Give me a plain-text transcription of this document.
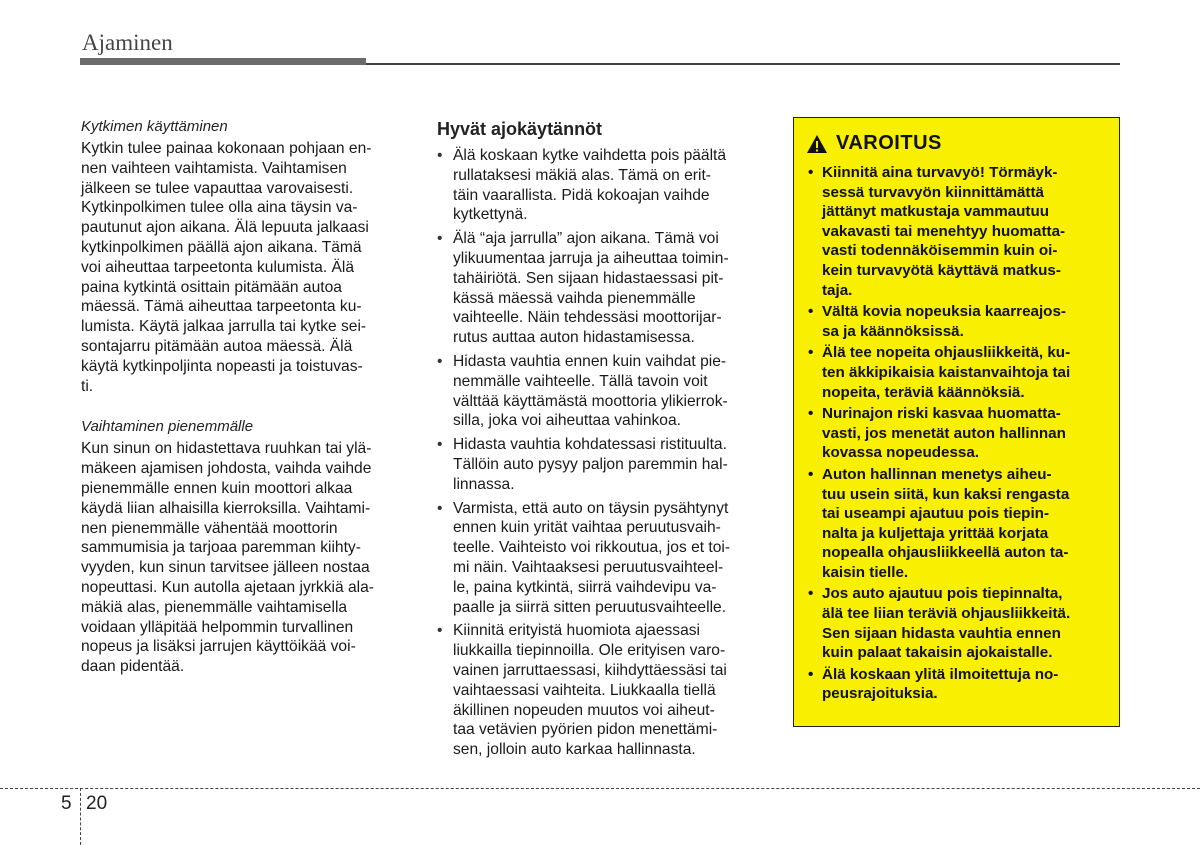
Ajaminen

Kytkimen käyttäminen

Kytkin tulee painaa kokonaan pohjaan en-
nen vaihteen vaihtamista. Vaihtamisen
jälkeen se tulee vapauttaa varovaisesti.
Kytkinpolkimen tulee olla aina täysin va-
pautunut ajon aikana. Älä lepuuta jalkaasi
kytkinpolkimen päällä ajon aikana. Tämä
voi aiheuttaa tarpeetonta kulumista. Älä
paina kytkintä osittain pitämään autoa
mäessä. Tämä aiheuttaa tarpeetonta ku-
lumista. Käytä jalkaa jarrulla tai kytke sei-
sontajarru pitämään autoa mäessä. Älä
käytä kytkinpoljinta nopeasti ja toistuvas-
ti.

Vaihtaminen pienemmälle

Kun sinun on hidastettava ruuhkan tai ylä-
mäkeen ajamisen johdosta, vaihda vaihde
pienemmälle ennen kuin moottori alkaa
käydä liian alhaisilla kierroksilla. Vaihtami-
nen pienemmälle vähentää moottorin
sammumisia ja tarjoaa paremman kiihty-
vyyden, kun sinun tarvitsee jälleen nostaa
nopeuttasi. Kun autolla ajetaan jyrkkiä ala-
mäkiä alas, pienemmälle vaihtamisella
voidaan ylläpitää helpommin turvallinen
nopeus ja lisäksi jarrujen käyttöikää voi-
daan pidentää.

Hyvät ajokäytännöt
• Älä koskaan kytke vaihdetta pois päältä
rullataksesi mäkiä alas. Tämä on erit-
täin vaarallista. Pidä kokoajan vaihde
kytkettynä.
• Älä “aja jarrulla” ajon aikana. Tämä voi
ylikuumentaa jarruja ja aiheuttaa toimin-
tahäiriötä. Sen sijaan hidastaessasi pit-
kässä mäessä vaihda pienemmälle
vaihteelle. Näin tehdessäsi moottorijar-
rutus auttaa auton hidastamisessa.
• Hidasta vauhtia ennen kuin vaihdat pie-
nemmälle vaihteelle. Tällä tavoin voit
välttää käyttämästä moottoria ylikierrok-
silla, joka voi aiheuttaa vahinkoa.
• Hidasta vauhtia kohdatessasi ristituulta.
Tällöin auto pysyy paljon paremmin hal-
linnassa.
• Varmista, että auto on täysin pysähtynyt
ennen kuin yrität vaihtaa peruutusvaih-
teelle. Vaihteisto voi rikkoutua, jos et toi-
mi näin. Vaihtaaksesi peruutusvaihteel-
le, paina kytkintä, siirrä vaihdevipu va-
paalle ja siirrä sitten peruutusvaihteelle.
• Kiinnitä erityistä huomiota ajaessasi
liukkailla tiepinnoilla. Ole erityisen varo-
vainen jarruttaessasi, kiihdyttäessäsi tai
vaihtaessasi vaihteita. Liukkaalla tiellä
äkillinen nopeuden muutos voi aiheut-
taa vetävien pyörien pidon menettämi-
sen, jolloin auto karkaa hallinnasta.
VAROITUS
• Kiinnitä aina turvavyö! Törmäyk-
sessä turvavyön kiinnittämättä
jättänyt matkustaja vammautuu
vakavasti tai menehtyy huomatta-
vasti todennäköisemmin kuin oi-
kein turvavyötä käyttävä matkus-
taja.
• Vältä kovia nopeuksia kaarreajos-
sa ja käännöksissä.
• Älä tee nopeita ohjausliikkeitä, ku-
ten äkkipikaisia kaistanvaihtoja tai
nopeita, teräviä käännöksiä.
• Nurinajon riski kasvaa huomatta-
vasti, jos menetät auton hallinnan
kovassa nopeudessa.
• Auton hallinnan menetys aiheu-
tuu usein siitä, kun kaksi rengasta
tai useampi ajautuu pois tiepin-
nalta ja kuljettaja yrittää korjata
nopealla ohjausliikkeellä auton ta-
kaisin tielle.
• Jos auto ajautuu pois tiepinnalta,
älä tee liian teräviä ohjausliikkeitä.
Sen sijaan hidasta vauhtia ennen
kuin palaat takaisin ajokaistalle.
• Älä koskaan ylitä ilmoitettuja no-
peusrajoituksia.
5 20
